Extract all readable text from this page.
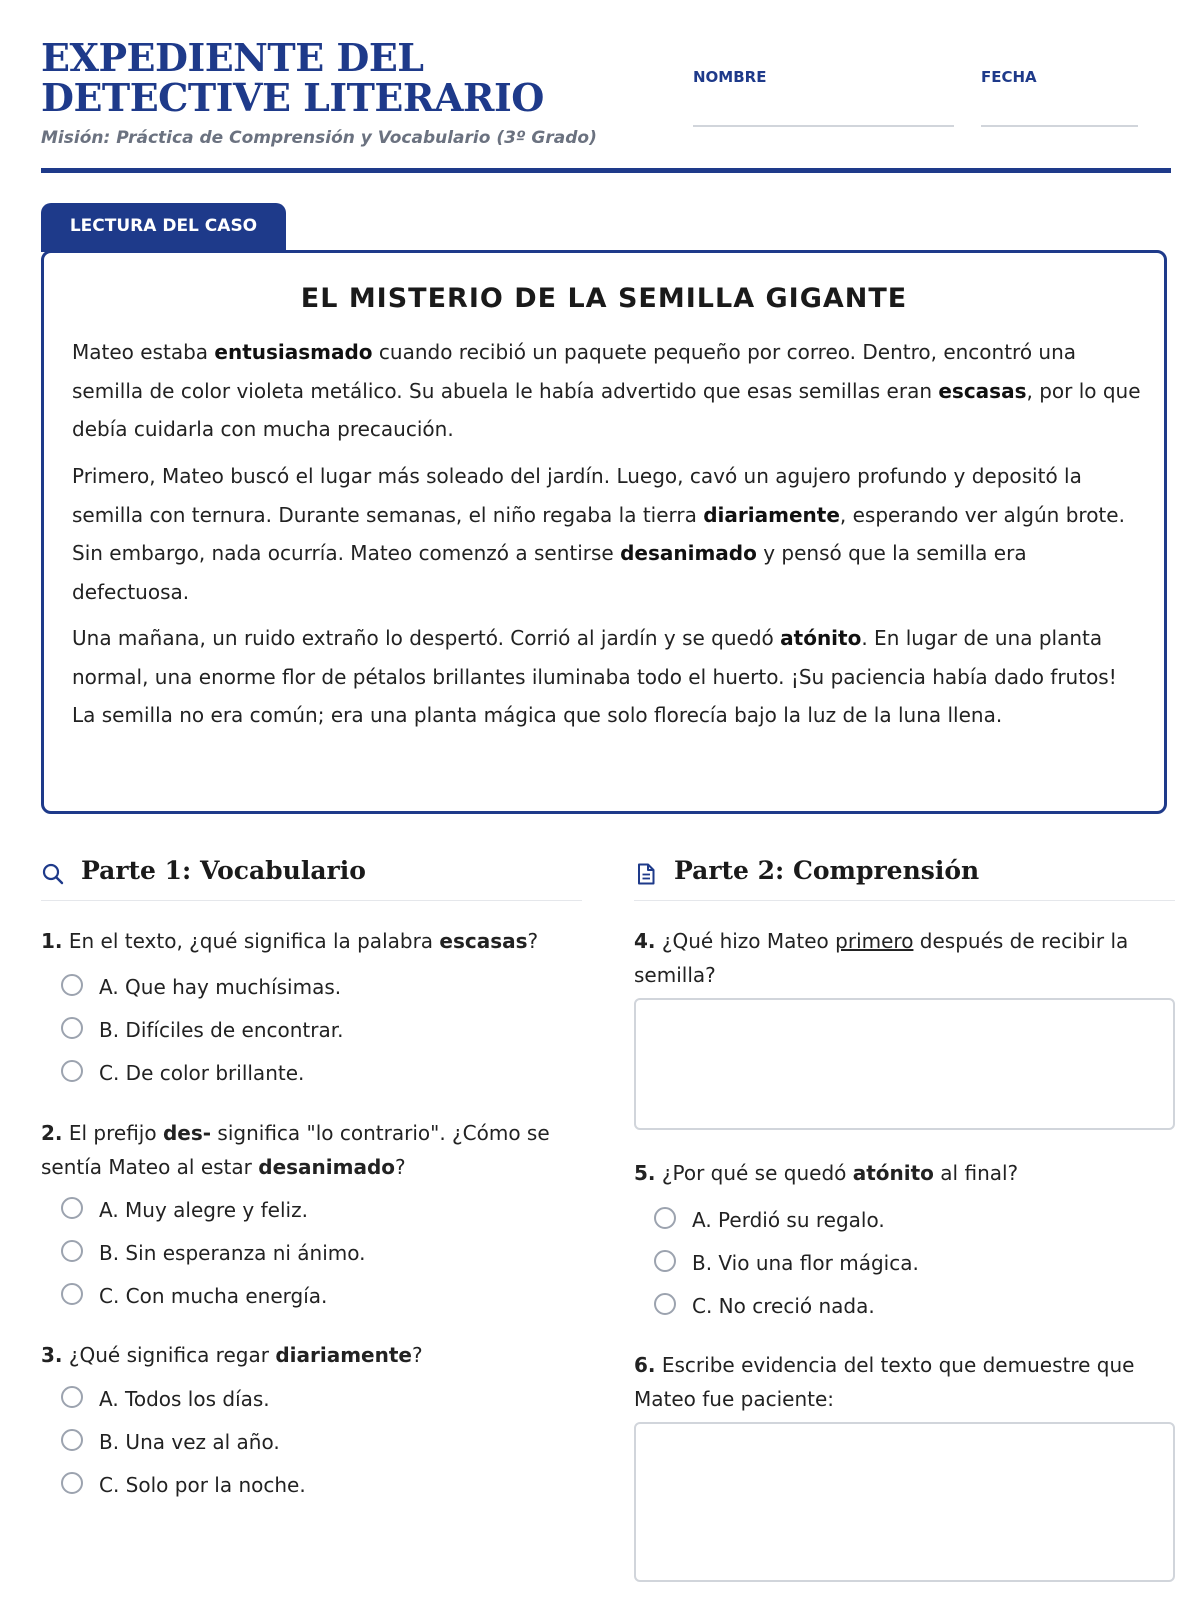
EXPEDIENTE DEL DETECTIVE LITERARIO
Misión: Práctica de Comprensión y Vocabulario (3º Grado)
NOMBRE	FECHA
LECTURA DEL CASO
EL MISTERIO DE LA SEMILLA GIGANTE

Mateo estaba entusiasmado cuando recibió un paquete pequeño por correo. Dentro, encontró una semilla de color violeta metálico. Su abuela le había advertido que esas semillas eran escasas, por lo que debía cuidarla con mucha precaución.

Primero, Mateo buscó el lugar más soleado del jardín. Luego, cavó un agujero profundo y depositó la semilla con ternura. Durante semanas, el niño regaba la tierra diariamente, esperando ver algún brote. Sin embargo, nada ocurría. Mateo comenzó a sentirse desanimado y pensó que la semilla era defectuosa.

Una mañana, un ruido extraño lo despertó. Corrió al jardín y se quedó atónito. En lugar de una planta normal, una enorme flor de pétalos brillantes iluminaba todo el huerto. ¡Su paciencia había dado frutos! La semilla no era común; era una planta mágica que solo florecía bajo la luz de la luna llena.

Parte 1: Vocabulario
1. En el texto, ¿qué significa la palabra escasas?
A. Que hay muchísimas.
B. Difíciles de encontrar.
C. De color brillante.
2. El prefijo des- significa "lo contrario". ¿Cómo se sentía Mateo al estar desanimado?
A. Muy alegre y feliz.
B. Sin esperanza ni ánimo.
C. Con mucha energía.
3. ¿Qué significa regar diariamente?
A. Todos los días.
B. Una vez al año.
C. Solo por la noche.
Parte 2: Comprensión
4. ¿Qué hizo Mateo primero después de recibir la semilla?
5. ¿Por qué se quedó atónito al final?
A. Perdió su regalo.
B. Vio una flor mágica.
C. No creció nada.
6. Escribe evidencia del texto que demuestre que Mateo fue paciente:
